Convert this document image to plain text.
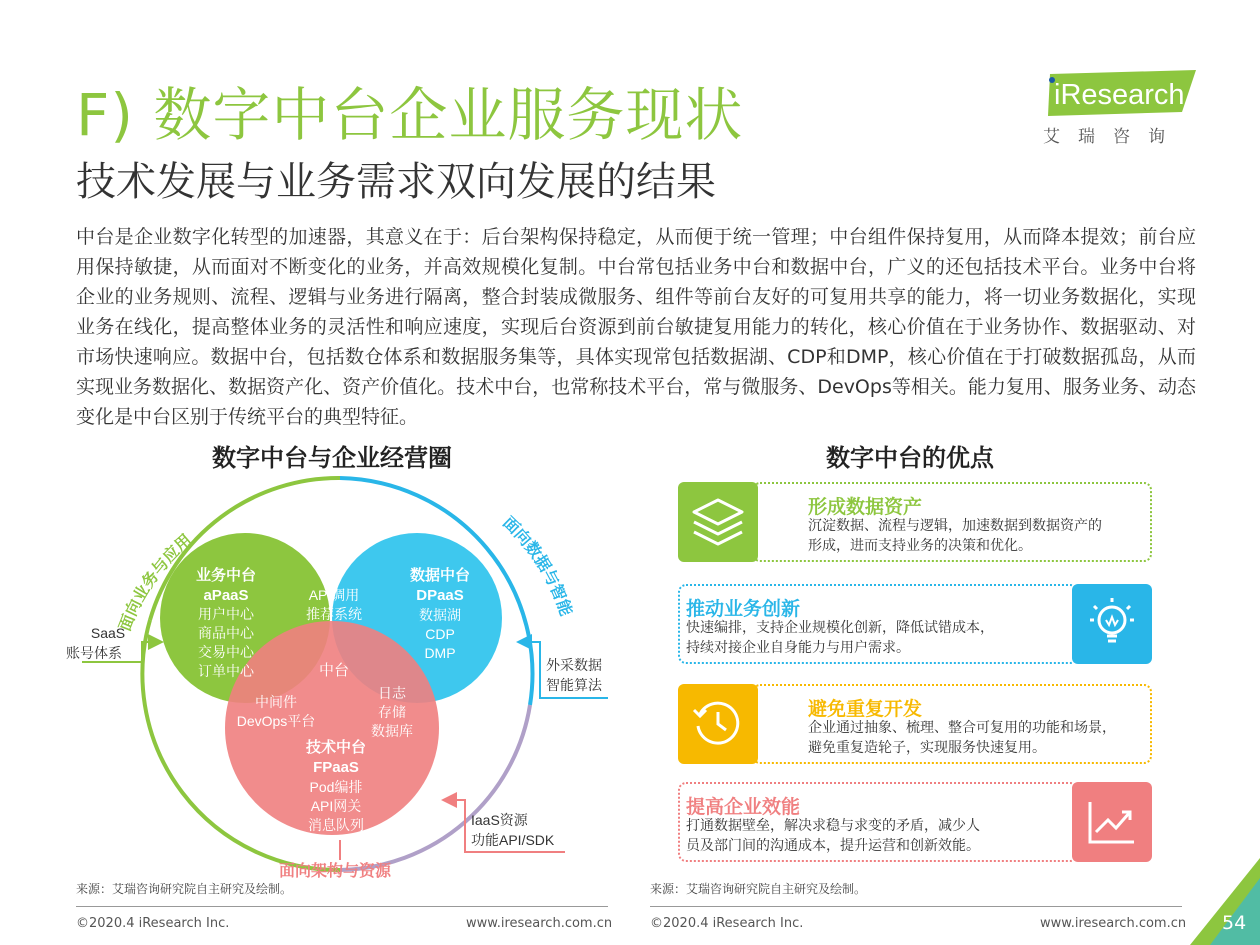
F) 数字中台企业服务现状
技术发展与业务需求双向发展的结果
iResearch
艾瑞咨询
中台是企业数字化转型的加速器，其意义在于：后台架构保持稳定，从而便于统一管理；中台组件保持复用，从而降本提效；前台应用保持敏捷，从而面对不断变化的业务，并高效规模化复制。中台常包括业务中台和数据中台，广义的还包括技术平台。业务中台将企业的业务规则、流程、逻辑与业务进行隔离，整合封装成微服务、组件等前台友好的可复用共享的能力，将一切业务数据化，实现业务在线化，提高整体业务的灵活性和响应速度，实现后台资源到前台敏捷复用能力的转化，核心价值在于业务协作、数据驱动、对市场快速响应。数据中台，包括数仓体系和数据服务集等，具体实现常包括数据湖、CDP和DMP，核心价值在于打破数据孤岛，从而实现业务数据化、数据资产化、资产价值化。技术中台，也常称技术平台，常与微服务、DevOps等相关。能力复用、服务业务、动态变化是中台区别于传统平台的典型特征。
数字中台与企业经营圈	数字中台的优点
业务中台
aPaaS
用户中心
商品中心
交易中心
订单中心
数据中台
DPaaS
数据湖
CDP
DMP
API调用
推荐系统
中台
中间件
DevOps平台
日志
存储
数据库
技术中台
FPaaS
Pod编排
API网关
消息队列
面向业务与应用
面向数据与智能
面向架构与资源
SaaS
账号体系
外采数据
智能算法
IaaS资源
功能API/SDK
形成数据资产
沉淀数据、流程与逻辑，加速数据到数据资产的
形成，进而支持业务的决策和优化。
推动业务创新
快速编排，支持企业规模化创新，降低试错成本，
持续对接企业自身能力与用户需求。
避免重复开发
企业通过抽象、梳理、整合可复用的功能和场景，
避免重复造轮子，实现服务快速复用。
提高企业效能
打通数据壁垒，解决求稳与求变的矛盾，减少人
员及部门间的沟通成本，提升运营和创新效能。
来源：艾瑞咨询研究院自主研究及绘制。	来源：艾瑞咨询研究院自主研究及绘制。
©2020.4 iResearch Inc.	www.iresearch.com.cn	©2020.4 iResearch Inc.	www.iresearch.com.cn 54
